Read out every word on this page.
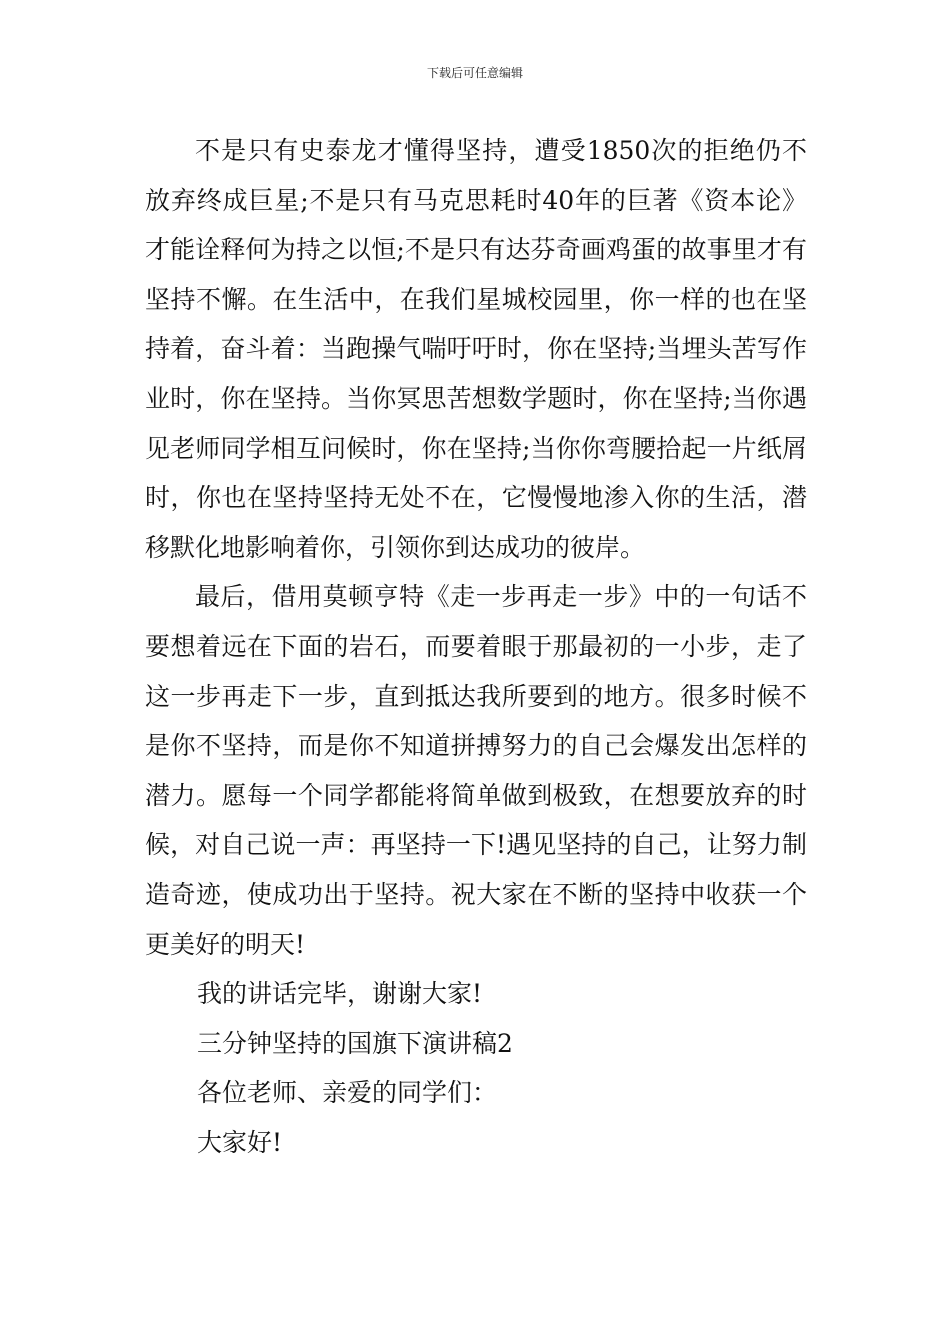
下载后可任意编辑

不是只有史泰龙才懂得坚持，遭受1850次的拒绝仍不放弃终成巨星;不是只有马克思耗时40年的巨著《资本论》才能诠释何为持之以恒;不是只有达芬奇画鸡蛋的故事里才有坚持不懈。在生活中，在我们星城校园里，你一样的也在坚持着，奋斗着：当跑操气喘吁吁时，你在坚持;当埋头苦写作业时，你在坚持。当你冥思苦想数学题时，你在坚持;当你遇见老师同学相互问候时，你在坚持;当你你弯腰拾起一片纸屑时，你也在坚持坚持无处不在，它慢慢地渗入你的生活，潜移默化地影响着你，引领你到达成功的彼岸。

最后，借用莫顿亨特《走一步再走一步》中的一句话不要想着远在下面的岩石，而要着眼于那最初的一小步，走了这一步再走下一步，直到抵达我所要到的地方。很多时候不是你不坚持，而是你不知道拼搏努力的自己会爆发出怎样的潜力。愿每一个同学都能将简单做到极致，在想要放弃的时候，对自己说一声：再坚持一下!遇见坚持的自己，让努力制造奇迹，使成功出于坚持。祝大家在不断的坚持中收获一个更美好的明天!

我的讲话完毕，谢谢大家!

三分钟坚持的国旗下演讲稿2

各位老师、亲爱的同学们：

大家好!
